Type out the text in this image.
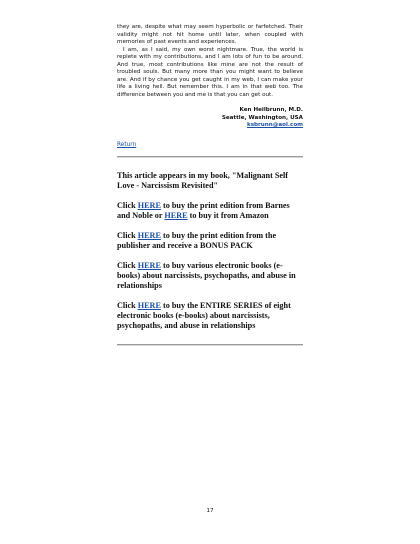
they are, despite what may seem hyperbolic or farfetched. Their validity might not hit home until later, when coupled with memories of past events and experiences.

I am, as I said, my own worst nightmare. True, the world is replete with my contributions, and I am lots of fun to be around. And true, most contributions like mine are not the result of troubled souls. But many more than you might want to believe are. And if by chance you get caught in my web, I can make your life a living hell. But remember this. I am in that web too. The difference between you and me is that you can get out.

Ken Heilbrunn, M.D.
Seattle, Washington, USA
ksbrunn@aol.com
Return

This article appears in my book, "Malignant Self Love - Narcissism Revisited"

Click HERE to buy the print edition from Barnes and Noble or HERE to buy it from Amazon

Click HERE to buy the print edition from the publisher and receive a BONUS PACK

Click HERE to buy various electronic books (e-books) about narcissists, psychopaths, and abuse in relationships

Click HERE to buy the ENTIRE SERIES of eight electronic books (e-books) about narcissists, psychopaths, and abuse in relationships

17
